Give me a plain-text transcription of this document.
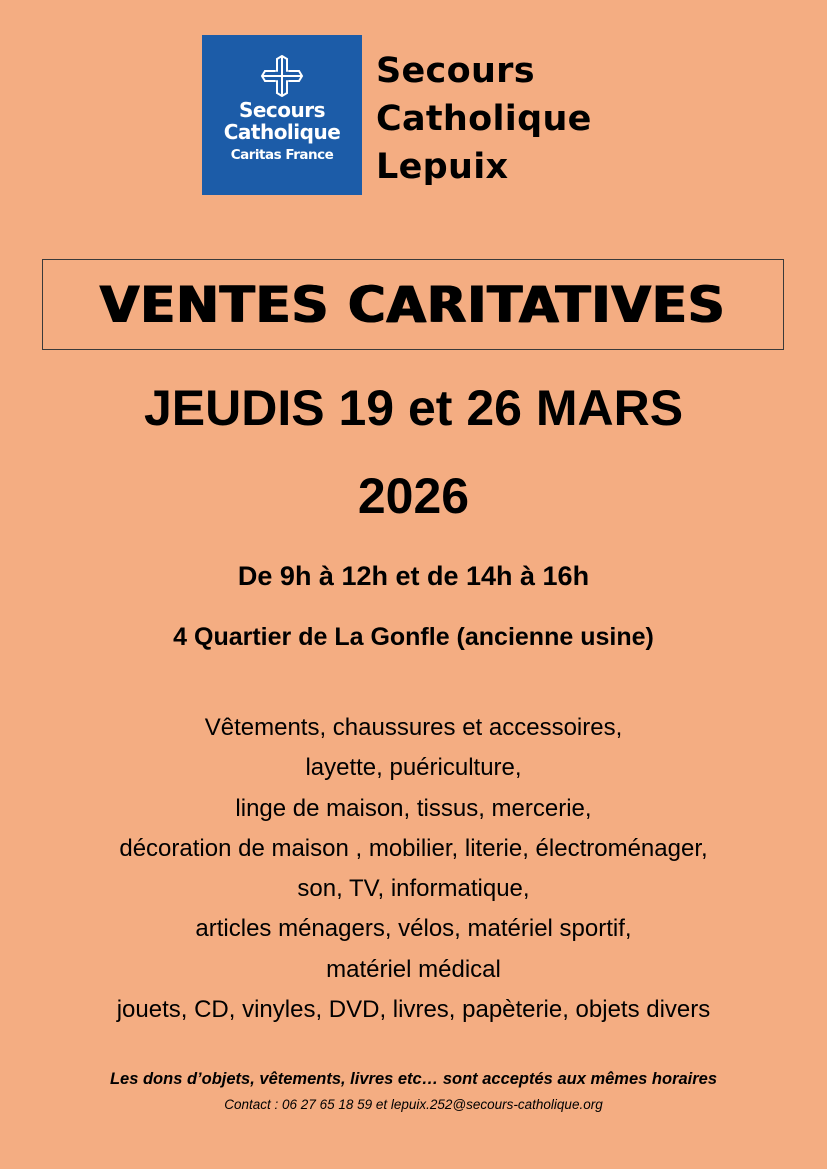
Secours
Catholique
Caritas France
Secours
Catholique
Lepuix
VENTES CARITATIVES
JEUDIS 19 et 26 MARS
2026
De 9h à 12h et de 14h à 16h
4 Quartier de La Gonfle (ancienne usine)
Vêtements, chaussures et accessoires,
layette, puériculture,
linge de maison, tissus, mercerie,
décoration de maison , mobilier, literie, électroménager,
son, TV, informatique,
articles ménagers, vélos, matériel sportif,
matériel médical
jouets, CD, vinyles, DVD, livres, papèterie, objets divers
Les dons d’objets, vêtements, livres etc… sont acceptés aux mêmes horaires
Contact : 06 27 65 18 59 et lepuix.252@secours-catholique.org
